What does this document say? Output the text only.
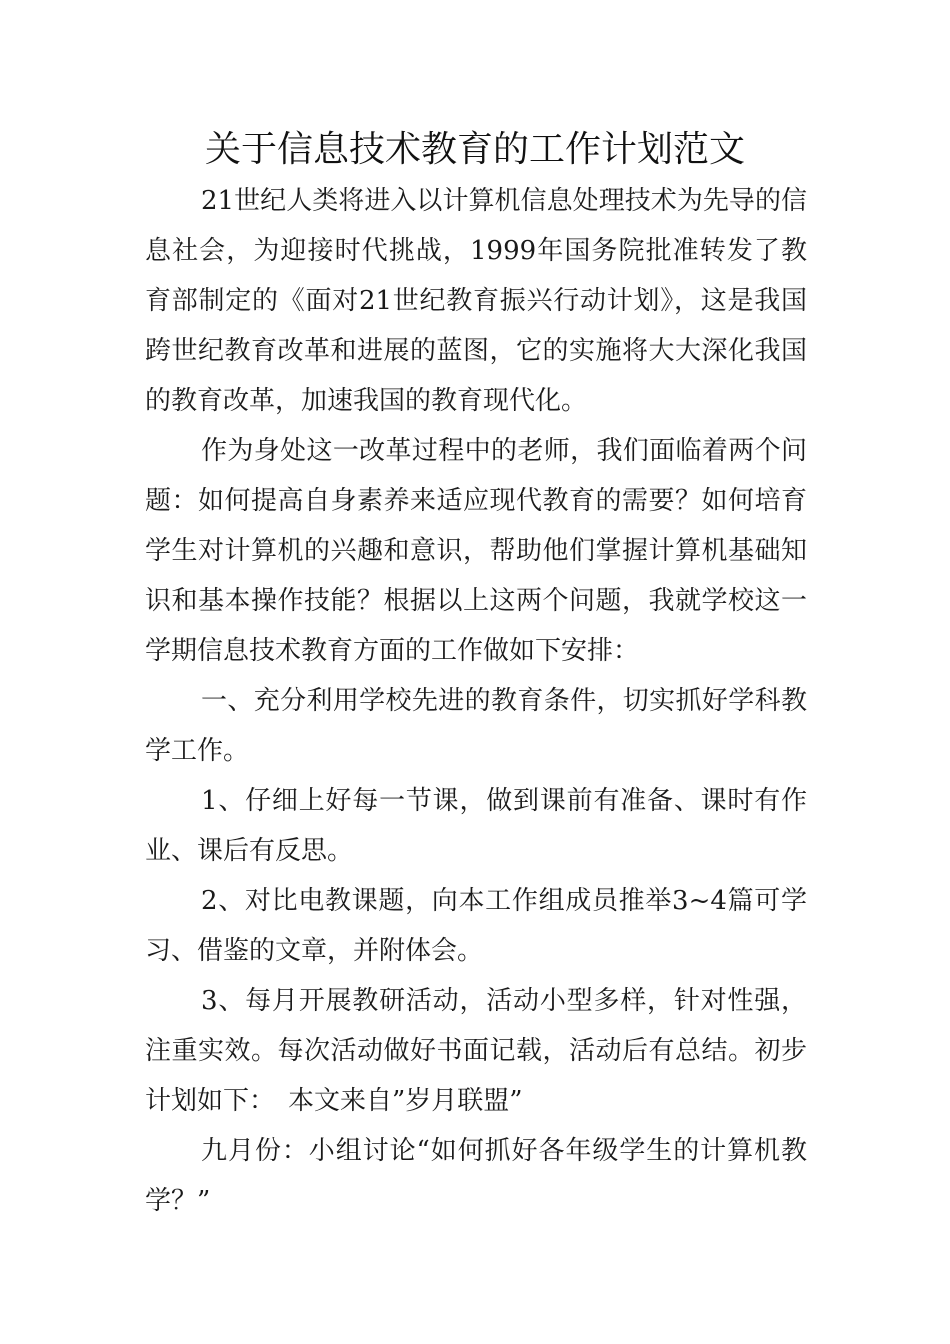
关于信息技术教育的工作计划范文

21世纪人类将进入以计算机信息处理技术为先导的信息社会，为迎接时代挑战，1999年国务院批准转发了教育部制定的《面对21世纪教育振兴行动计划》，这是我国跨世纪教育改革和进展的蓝图，它的实施将大大深化我国的教育改革，加速我国的教育现代化。

作为身处这一改革过程中的老师，我们面临着两个问题：如何提高自身素养来适应现代教育的需要？如何培育学生对计算机的兴趣和意识，帮助他们掌握计算机基础知识和基本操作技能？根据以上这两个问题，我就学校这一学期信息技术教育方面的工作做如下安排：

一、充分利用学校先进的教育条件，切实抓好学科教学工作。

1、仔细上好每一节课，做到课前有准备、课时有作业、课后有反思。

2、对比电教课题，向本工作组成员推举3~4篇可学习、借鉴的文章，并附体会。

3、每月开展教研活动，活动小型多样，针对性强，注重实效。每次活动做好书面记载，活动后有总结。初步计划如下：　本文来自”岁月联盟”

九月份：小组讨论“如何抓好各年级学生的计算机教学？”
